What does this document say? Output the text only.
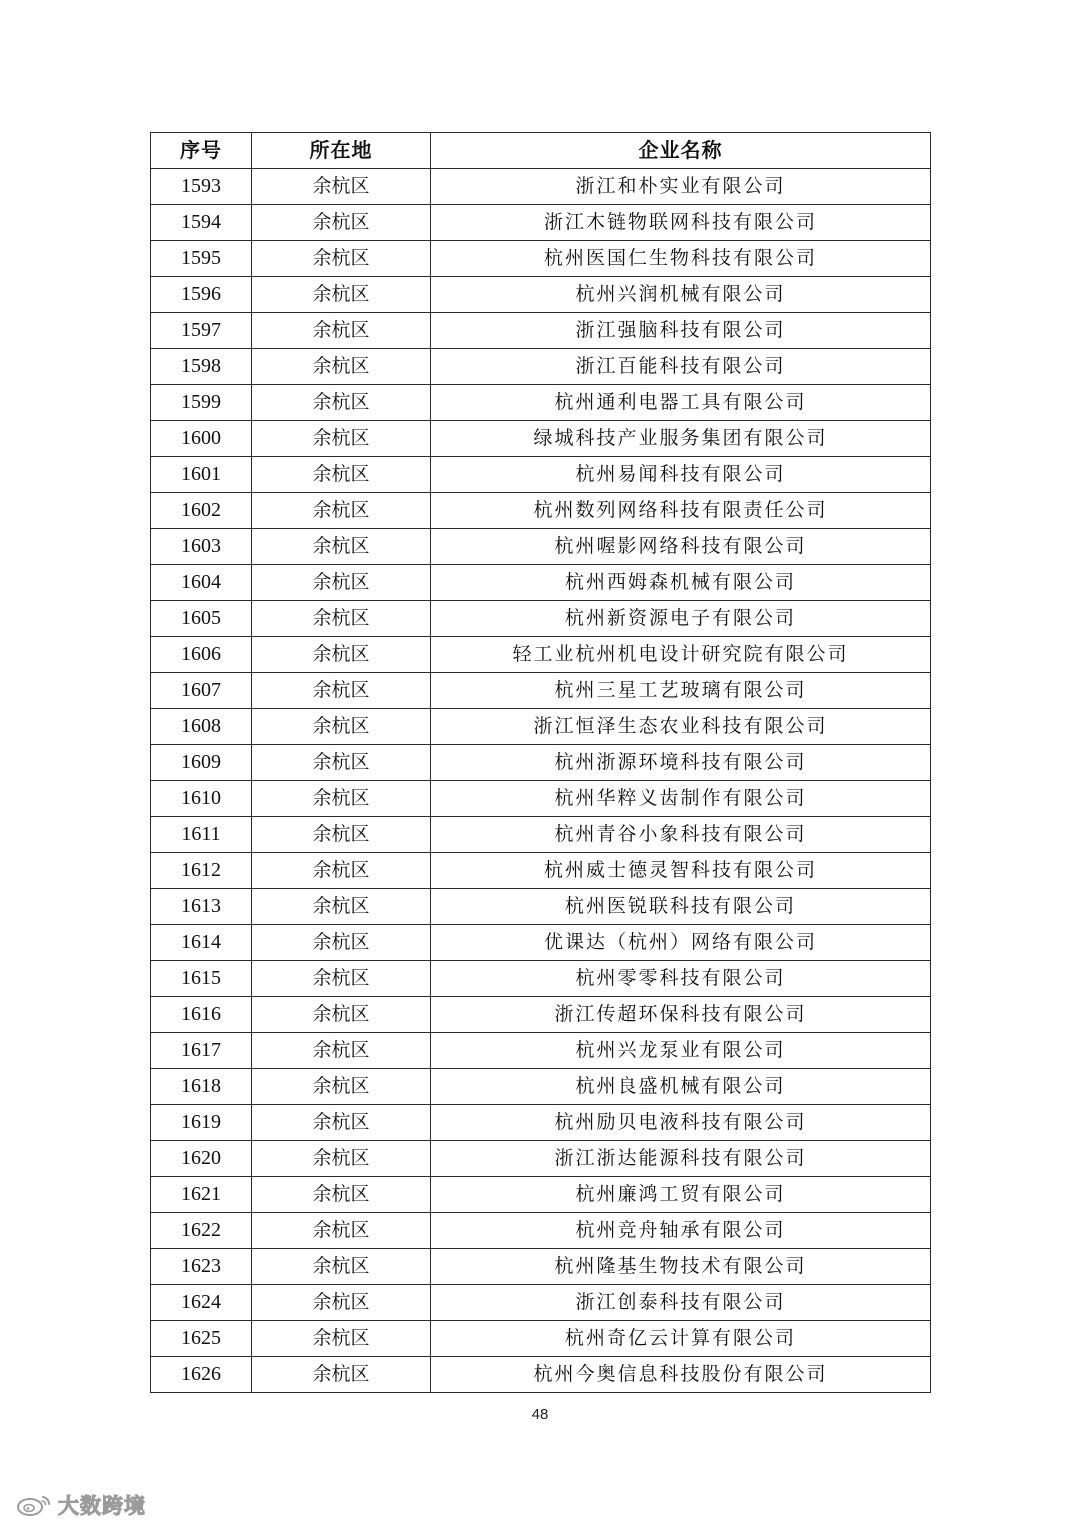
序号	所在地	企业名称
1593	余杭区	浙江和朴实业有限公司
1594	余杭区	浙江木链物联网科技有限公司
1595	余杭区	杭州医国仁生物科技有限公司
1596	余杭区	杭州兴润机械有限公司
1597	余杭区	浙江强脑科技有限公司
1598	余杭区	浙江百能科技有限公司
1599	余杭区	杭州通利电器工具有限公司
1600	余杭区	绿城科技产业服务集团有限公司
1601	余杭区	杭州易闻科技有限公司
1602	余杭区	杭州数列网络科技有限责任公司
1603	余杭区	杭州喔影网络科技有限公司
1604	余杭区	杭州西姆森机械有限公司
1605	余杭区	杭州新资源电子有限公司
1606	余杭区	轻工业杭州机电设计研究院有限公司
1607	余杭区	杭州三星工艺玻璃有限公司
1608	余杭区	浙江恒泽生态农业科技有限公司
1609	余杭区	杭州浙源环境科技有限公司
1610	余杭区	杭州华粹义齿制作有限公司
1611	余杭区	杭州青谷小象科技有限公司
1612	余杭区	杭州威士德灵智科技有限公司
1613	余杭区	杭州医锐联科技有限公司
1614	余杭区	优课达（杭州）网络有限公司
1615	余杭区	杭州零零科技有限公司
1616	余杭区	浙江传超环保科技有限公司
1617	余杭区	杭州兴龙泵业有限公司
1618	余杭区	杭州良盛机械有限公司
1619	余杭区	杭州励贝电液科技有限公司
1620	余杭区	浙江浙达能源科技有限公司
1621	余杭区	杭州廉鸿工贸有限公司
1622	余杭区	杭州竞舟轴承有限公司
1623	余杭区	杭州隆基生物技术有限公司
1624	余杭区	浙江创泰科技有限公司
1625	余杭区	杭州奇亿云计算有限公司
1626	余杭区	杭州今奥信息科技股份有限公司
48
大数跨境
